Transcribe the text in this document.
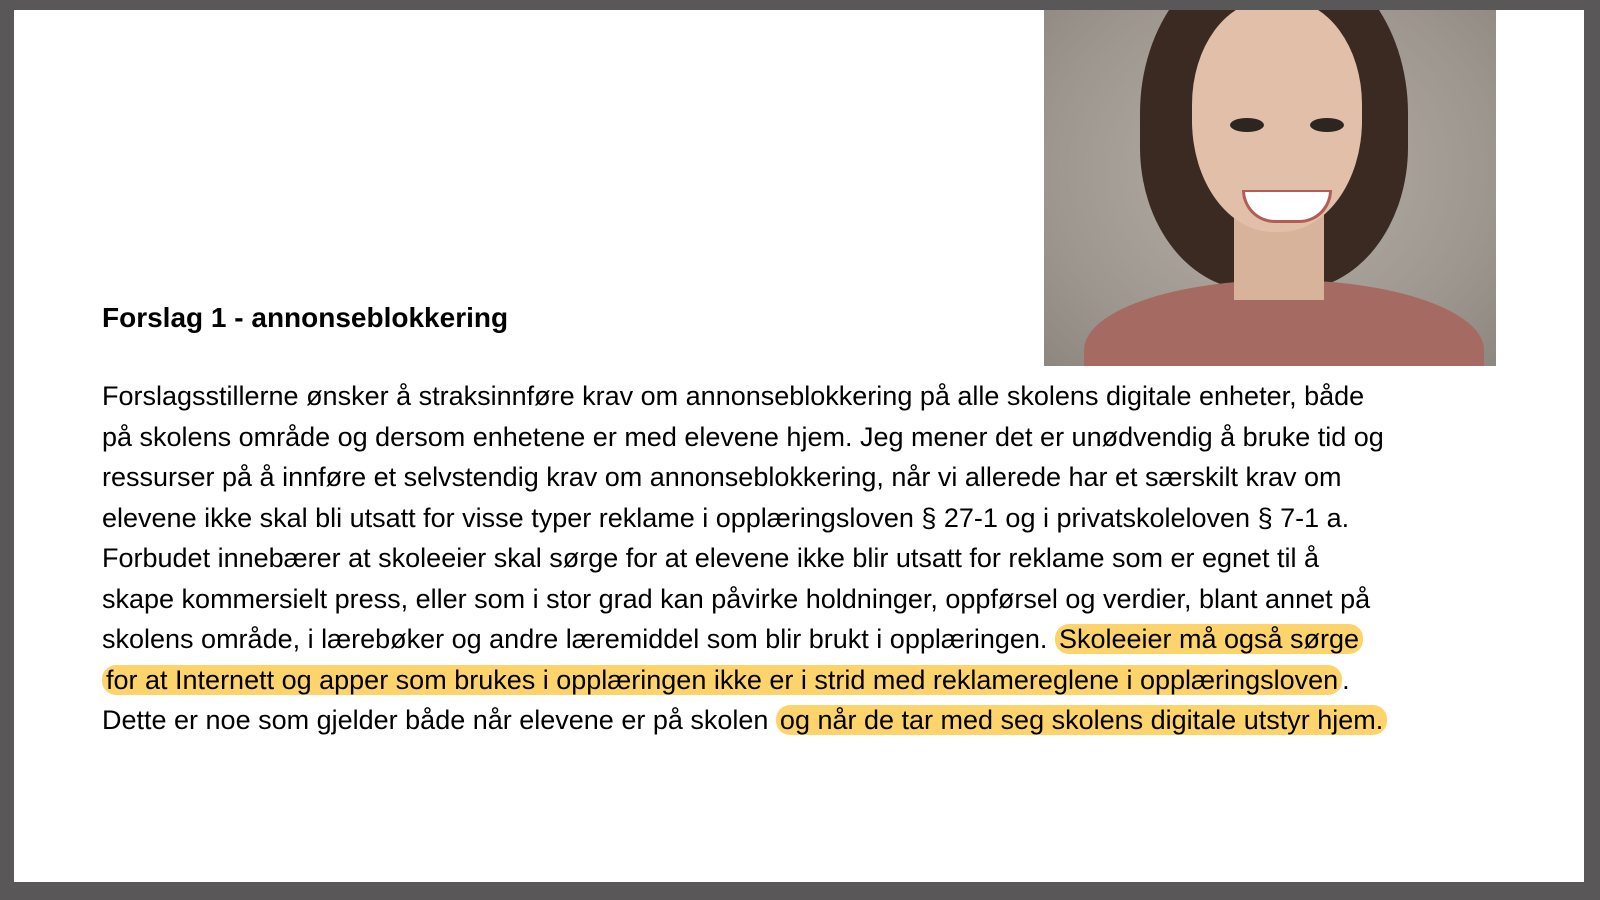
Forslag 1 - annonseblokkering

Forslagsstillerne ønsker å straksinnføre krav om annonseblokkering på alle skolens digitale enheter, både på skolens område og dersom enhetene er med elevene hjem. Jeg mener det er unødvendig å bruke tid og ressurser på å innføre et selvstendig krav om annonseblokkering, når vi allerede har et særskilt krav om elevene ikke skal bli utsatt for visse typer reklame i opplæringsloven § 27-1 og i privatskoleloven § 7-1 a. Forbudet innebærer at skoleeier skal sørge for at elevene ikke blir utsatt for reklame som er egnet til å skape kommersielt press, eller som i stor grad kan påvirke holdninger, oppførsel og verdier, blant annet på skolens område, i lærebøker og andre læremiddel som blir brukt i opplæringen. Skoleeier må også sørge for at Internett og apper som brukes i opplæringen ikke er i strid med reklamereglene i opplæringsloven . Dette er noe som gjelder både når elevene er på skolen og når de tar med seg skolens digitale utstyr hjem.
